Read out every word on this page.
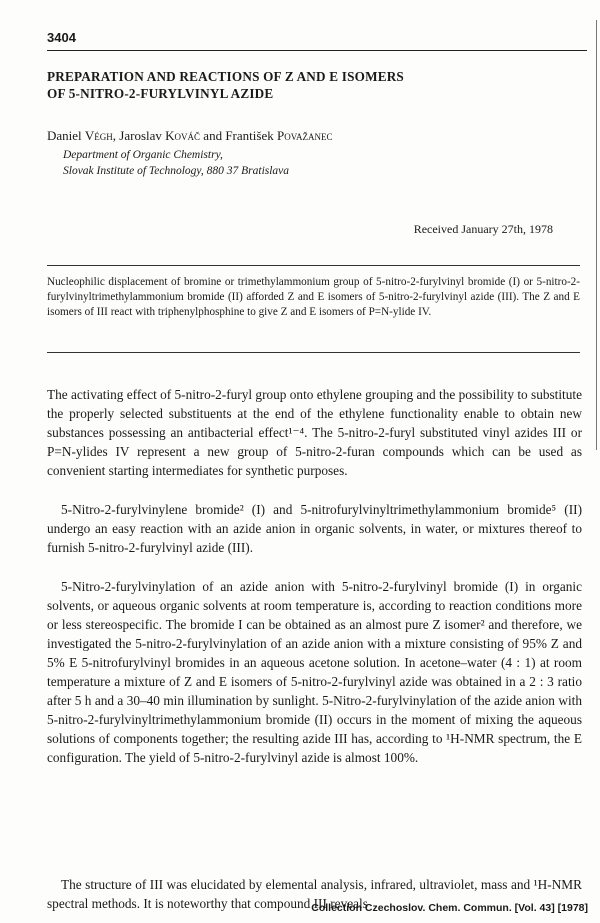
3404
PREPARATION AND REACTIONS OF Z AND E ISOMERS
OF 5-NITRO-2-FURYLVINYL AZIDE
Daniel Végh, Jaroslav Kováč and František Považanec
Department of Organic Chemistry,
Slovak Institute of Technology, 880 37 Bratislava
Received January 27th, 1978
Nucleophilic displacement of bromine or trimethylammonium group of 5-nitro-2-furylvinyl bromide (I) or 5-nitro-2-furylvinyltrimethylammonium bromide (II) afforded Z and E isomers of 5-nitro-2-furylvinyl azide (III). The Z and E isomers of III react with triphenylphosphine to give Z and E isomers of P=N-ylide IV.

The activating effect of 5-nitro-2-furyl group onto ethylene grouping and the possibility to substitute the properly selected substituents at the end of the ethylene functionality enable to obtain new substances possessing an antibacterial effect¹⁻⁴. The 5-nitro-2-furyl substituted vinyl azides III or P=N-ylides IV represent a new group of 5-nitro-2-furan compounds which can be used as convenient starting intermediates for synthetic purposes.

5-Nitro-2-furylvinylene bromide² (I) and 5-nitrofurylvinyltrimethylammonium bromide⁵ (II) undergo an easy reaction with an azide anion in organic solvents, in water, or mixtures thereof to furnish 5-nitro-2-furylvinyl azide (III).

5-Nitro-2-furylvinylation of an azide anion with 5-nitro-2-furylvinyl bromide (I) in organic solvents, or aqueous organic solvents at room temperature is, according to reaction conditions more or less stereospecific. The bromide I can be obtained as an almost pure Z isomer² and therefore, we investigated the 5-nitro-2-furylvinylation of an azide anion with a mixture consisting of 95% Z and 5% E 5-nitrofurylvinyl bromides in an aqueous acetone solution. In acetone–water (4 : 1) at room temperature a mixture of Z and E isomers of 5-nitro-2-furylvinyl azide was obtained in a 2 : 3 ratio after 5 h and a 30–40 min illumination by sunlight. 5-Nitro-2-furylvinylation of the azide anion with 5-nitro-2-furylvinyltrimethylammonium bromide (II) occurs in the moment of mixing the aqueous solutions of components together; the resulting azide III has, according to ¹H-NMR spectrum, the E configuration. The yield of 5-nitro-2-furylvinyl azide is almost 100%.

The structure of III was elucidated by elemental analysis, infrared, ultraviolet, mass and ¹H-NMR spectral methods. It is noteworthy that compound III reveals

Collection Czechoslov. Chem. Commun. [Vol. 43] [1978]
